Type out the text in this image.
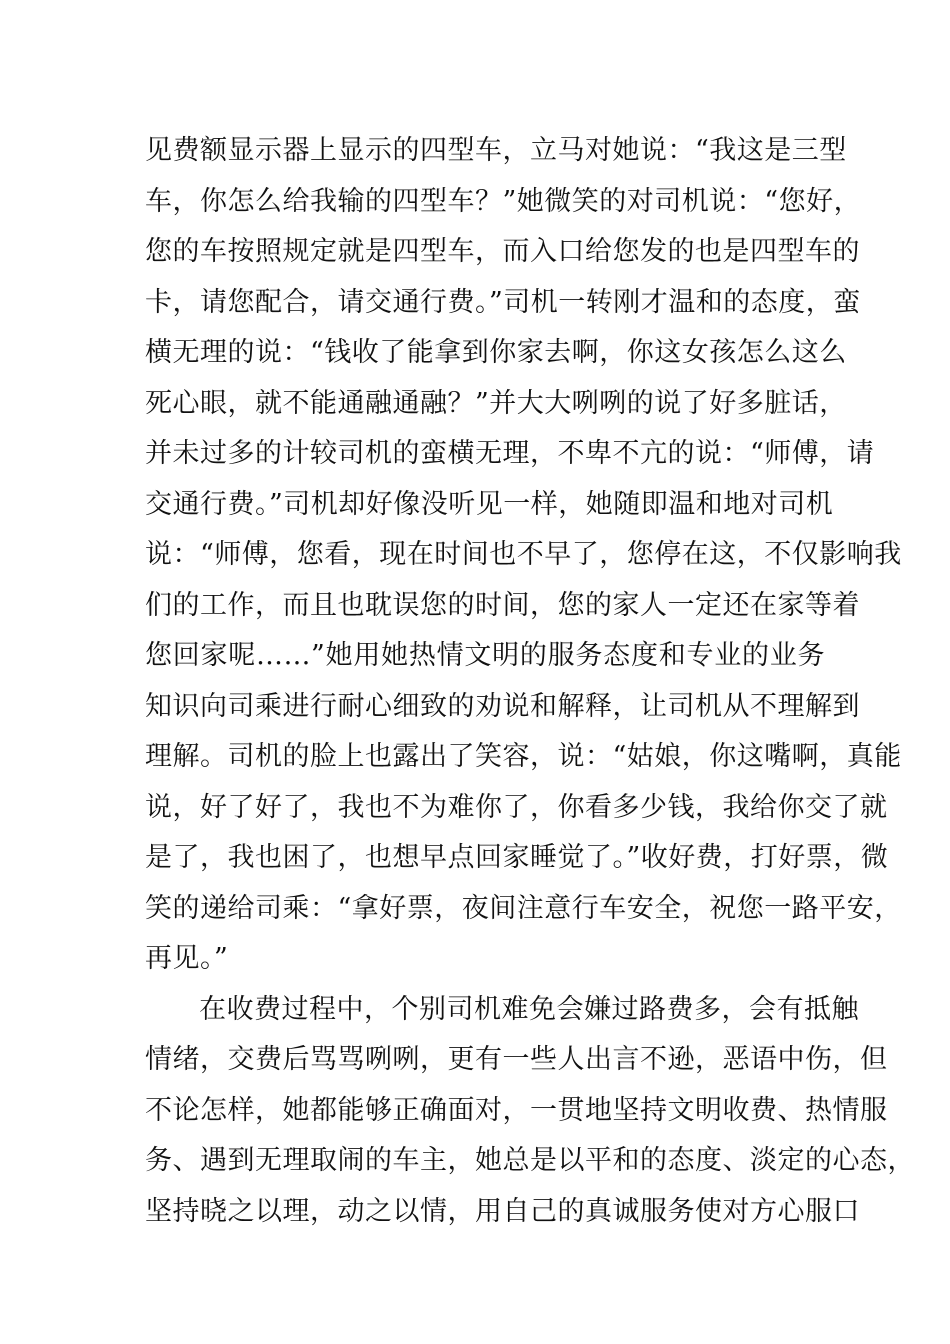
见费额显示器上显示的四型车，立马对她说：“我这是三型
车，你怎么给我输的四型车？”她微笑的对司机说：“您好，
您的车按照规定就是四型车，而入口给您发的也是四型车的
卡，请您配合，请交通行费。”司机一转刚才温和的态度，蛮
横无理的说：“钱收了能拿到你家去啊，你这女孩怎么这么
死心眼，就不能通融通融？”并大大咧咧的说了好多脏话，
并未过多的计较司机的蛮横无理，不卑不亢的说：“师傅，请
交通行费。”司机却好像没听见一样，她随即温和地对司机
说：“师傅，您看，现在时间也不早了，您停在这，不仅影响我
们的工作，而且也耽误您的时间，您的家人一定还在家等着
您回家呢……”她用她热情文明的服务态度和专业的业务
知识向司乘进行耐心细致的劝说和解释，让司机从不理解到
理解。司机的脸上也露出了笑容，说：“姑娘，你这嘴啊，真能
说，好了好了，我也不为难你了，你看多少钱，我给你交了就
是了，我也困了，也想早点回家睡觉了。”收好费，打好票，微
笑的递给司乘：“拿好票，夜间注意行车安全，祝您一路平安，
再见。”
在收费过程中，个别司机难免会嫌过路费多，会有抵触
情绪，交费后骂骂咧咧，更有一些人出言不逊，恶语中伤，但
不论怎样，她都能够正确面对，一贯地坚持文明收费、热情服
务、遇到无理取闹的车主，她总是以平和的态度、淡定的心态，
坚持晓之以理，动之以情，用自己的真诚服务使对方心服口
